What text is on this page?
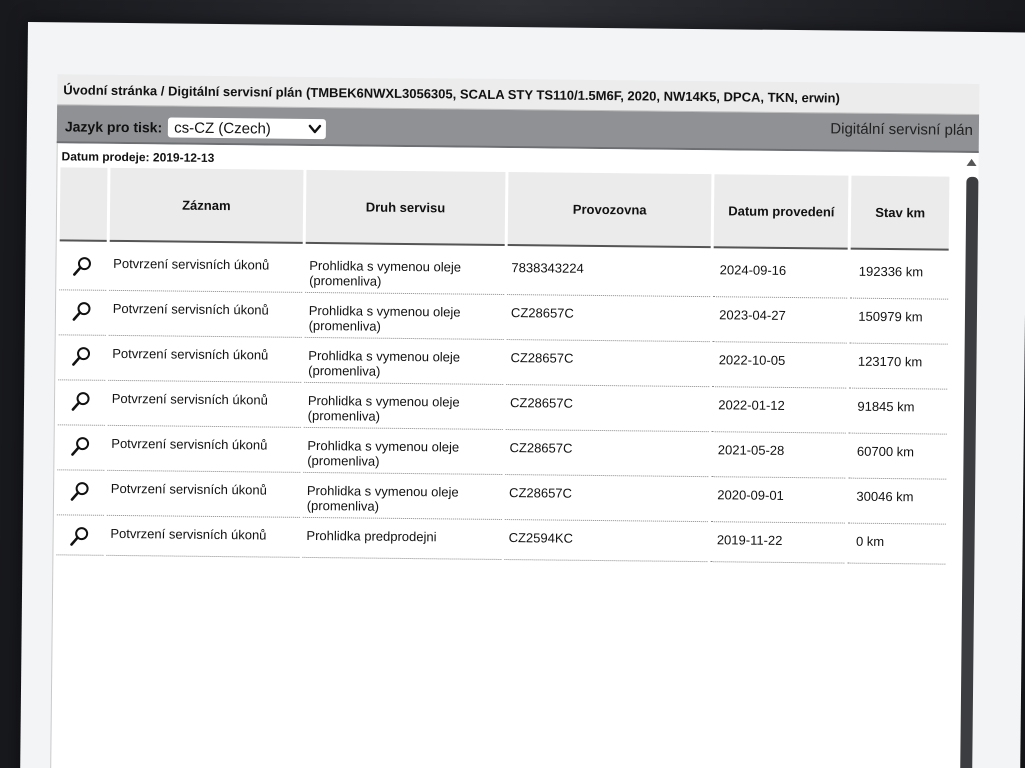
Úvodní stránka / Digitální servisní plán (TMBEK6NWXL3056305, SCALA STY TS110/1.5M6F, 2020, NW14K5, DPCA, TKN, erwin)
Jazyk pro tisk: cs-CZ (Czech)	Digitální servisní plán
Datum prodeje: 2019-12-13
	Záznam	Druh servisu	Provozovna	Datum provedení	Stav km
	Potvrzení servisních úkonů	Prohlidka s vymenou oleje (promenliva)	7838343224	2024-09-16	192336 km
	Potvrzení servisních úkonů	Prohlidka s vymenou oleje (promenliva)	CZ28657C	2023-04-27	150979 km
	Potvrzení servisních úkonů	Prohlidka s vymenou oleje (promenliva)	CZ28657C	2022-10-05	123170 km
	Potvrzení servisních úkonů	Prohlidka s vymenou oleje (promenliva)	CZ28657C	2022-01-12	91845 km
	Potvrzení servisních úkonů	Prohlidka s vymenou oleje (promenliva)	CZ28657C	2021-05-28	60700 km
	Potvrzení servisních úkonů	Prohlidka s vymenou oleje (promenliva)	CZ28657C	2020-09-01	30046 km
	Potvrzení servisních úkonů	Prohlidka predprodejni	CZ2594KC	2019-11-22	0 km
